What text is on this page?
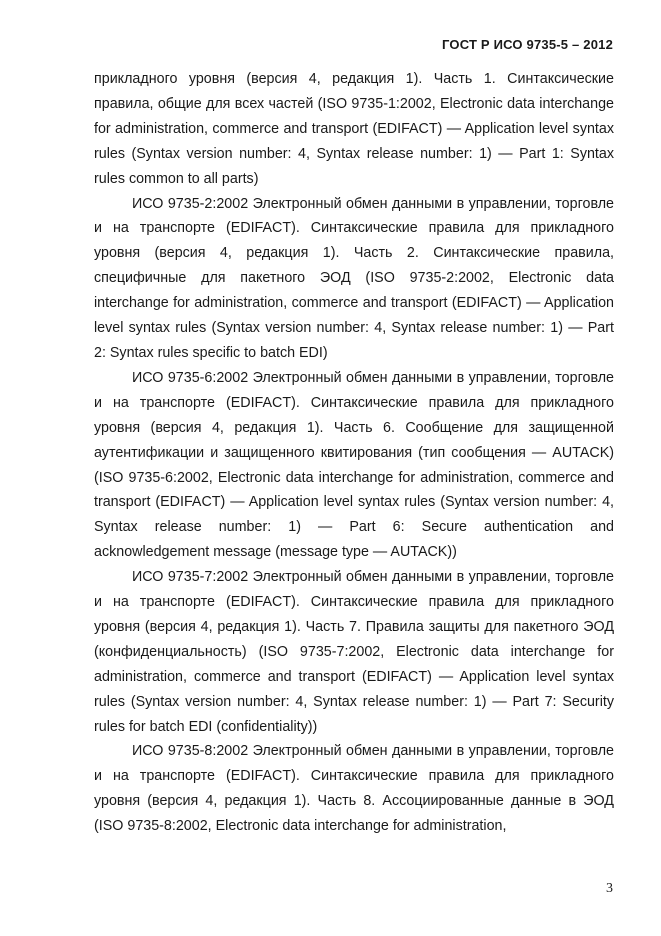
ГОСТ Р ИСО 9735-5 – 2012

прикладного уровня (версия 4, редакция 1). Часть 1. Синтаксические правила, общие для всех частей (ISO 9735-1:2002, Electronic data interchange for administration, commerce and transport (EDIFACT) — Application level syntax rules (Syntax version number: 4, Syntax release number: 1) — Part 1: Syntax rules common to all parts)

ИСО 9735-2:2002 Электронный обмен данными в управлении, торговле и на транспорте (EDIFACT). Синтаксические правила для прикладного уровня (версия 4, редакция 1). Часть 2. Синтаксические правила, специфичные для пакетного ЭОД (ISO 9735-2:2002, Electronic data interchange for administration, commerce and transport (EDIFACT) — Application level syntax rules (Syntax version number: 4, Syntax release number: 1) — Part 2: Syntax rules specific to batch EDI)

ИСО 9735-6:2002 Электронный обмен данными в управлении, торговле и на транспорте (EDIFACT). Синтаксические правила для прикладного уровня (версия 4, редакция 1). Часть 6. Сообщение для защищенной аутентификации и защищенного квитирования (тип сообщения — AUTACK) (ISO 9735-6:2002, Electronic data interchange for administration, commerce and transport (EDIFACT) — Application level syntax rules (Syntax version number: 4, Syntax release number: 1) — Part 6: Secure authentication and acknowledgement message (message type — AUTACK))

ИСО 9735-7:2002 Электронный обмен данными в управлении, торговле и на транспорте (EDIFACT). Синтаксические правила для прикладного уровня (версия 4, редакция 1). Часть 7. Правила защиты для пакетного ЭОД (конфиденциальность) (ISO 9735-7:2002, Electronic data interchange for administration, commerce and transport (EDIFACT) — Application level syntax rules (Syntax version number: 4, Syntax release number: 1) — Part 7: Security rules for batch EDI (confidentiality))

ИСО 9735-8:2002 Электронный обмен данными в управлении, торговле и на транспорте (EDIFACT). Синтаксические правила для прикладного уровня (версия 4, редакция 1). Часть 8. Ассоциированные данные в ЭОД (ISO 9735-8:2002, Electronic data interchange for administration,

3
